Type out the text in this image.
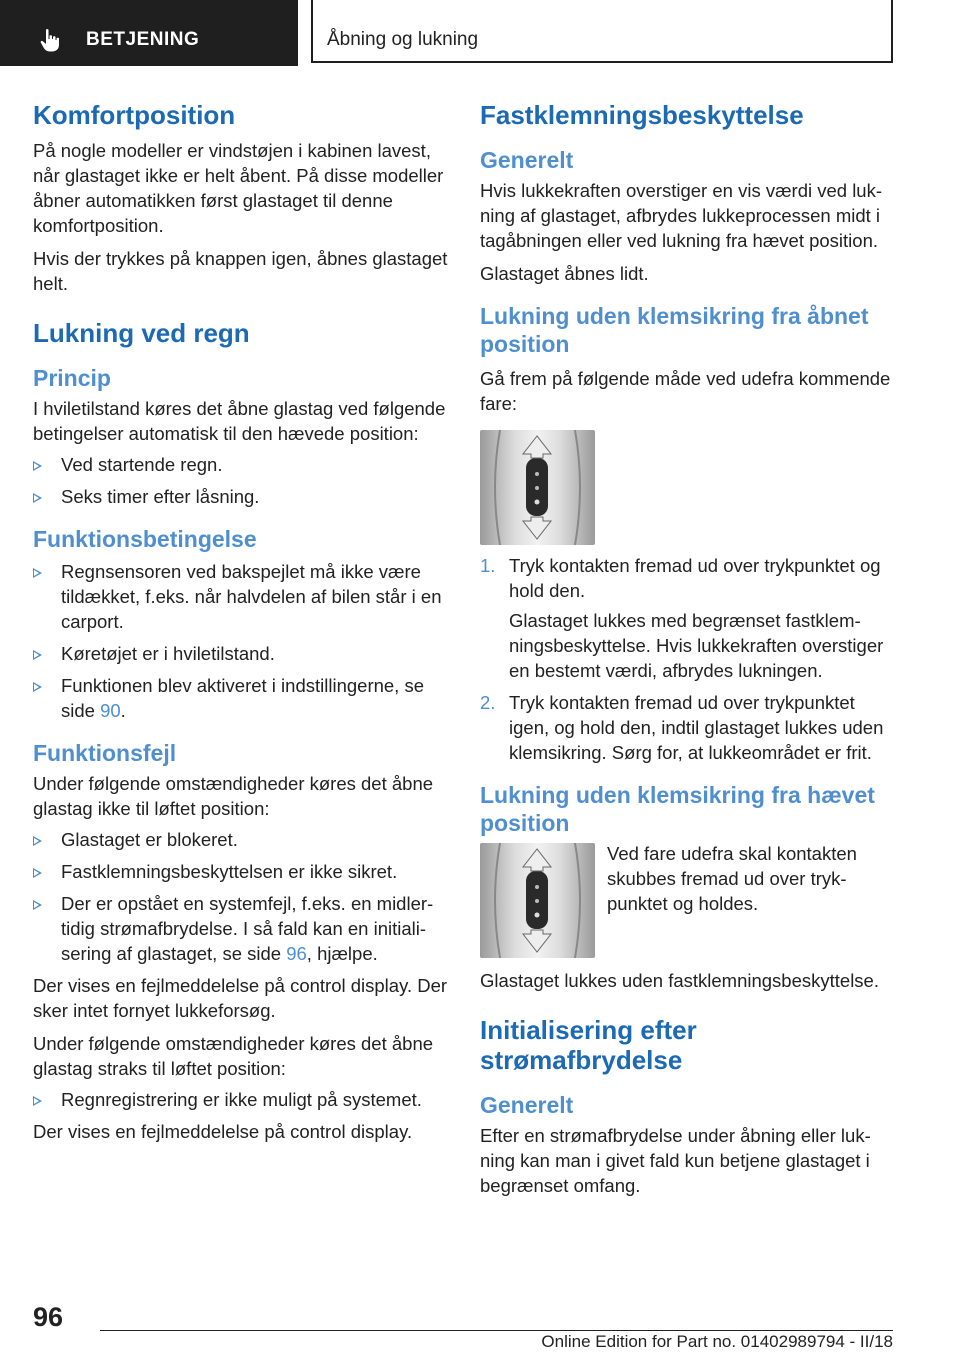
BETJENING	Åbning og lukning
Komfortposition

På nogle modeller er vindstøjen i kabinen lavest, når glastaget ikke er helt åbent. På disse modeller åbner automatikken først glastaget til denne komfortposition.

Hvis der trykkes på knappen igen, åbnes glastaget helt.

Lukning ved regn
Princip

I hviletilstand køres det åbne glastag ved følgende betingelser automatisk til den hævede position:

Ved startende regn.
Seks timer efter låsning.
Funktionsbetingelse
Regnsensoren ved bakspejlet må ikke være tildækket, f.eks. når halvdelen af bilen står i en carport.
Køretøjet er i hviletilstand.
Funktionen blev aktiveret i indstillingerne, se side 90.
Funktionsfejl

Under følgende omstændigheder køres det åbne glastag ikke til løftet position:

Glastaget er blokeret.
Fastklemningsbeskyttelsen er ikke sikret.
Der er opstået en systemfejl, f.eks. en midlertidig strømafbrydelse. I så fald kan en initialisering af glastaget, se side 96, hjælpe.

Der vises en fejlmeddelelse på control display. Der sker intet fornyet lukkeforsøg.

Under følgende omstændigheder køres det åbne glastag straks til løftet position:

Regnregistrering er ikke muligt på systemet.

Der vises en fejlmeddelelse på control display.

Fastklemningsbeskyttelse
Generelt

Hvis lukkekraften overstiger en vis værdi ved lukning af glastaget, afbrydes lukkeprocessen midt i tagåbningen eller ved lukning fra hævet position.

Glastaget åbnes lidt.

Lukning uden klemsikring fra åbnet position

Gå frem på følgende måde ved udefra kommende fare:

1. Tryk kontakten fremad ud over trykpunktet og hold den.

Glastaget lukkes med begrænset fastklemningsbeskyttelse. Hvis lukkekraften overstiger en bestemt værdi, afbrydes lukningen.

2. Tryk kontakten fremad ud over trykpunktet igen, og hold den, indtil glastaget lukkes uden klemsikring. Sørg for, at lukkeområdet er frit.
Lukning uden klemsikring fra hævet position

Ved fare udefra skal kontakten skubbes fremad ud over trykpunktet og holdes.

Glastaget lukkes uden fastklemningsbeskyttelse.

Initialisering efter strømafbrydelse
Generelt

Efter en strømafbrydelse under åbning eller lukning kan man i givet fald kun betjene glastaget i begrænset omfang.

96
Online Edition for Part no. 01402989794 - II/18
